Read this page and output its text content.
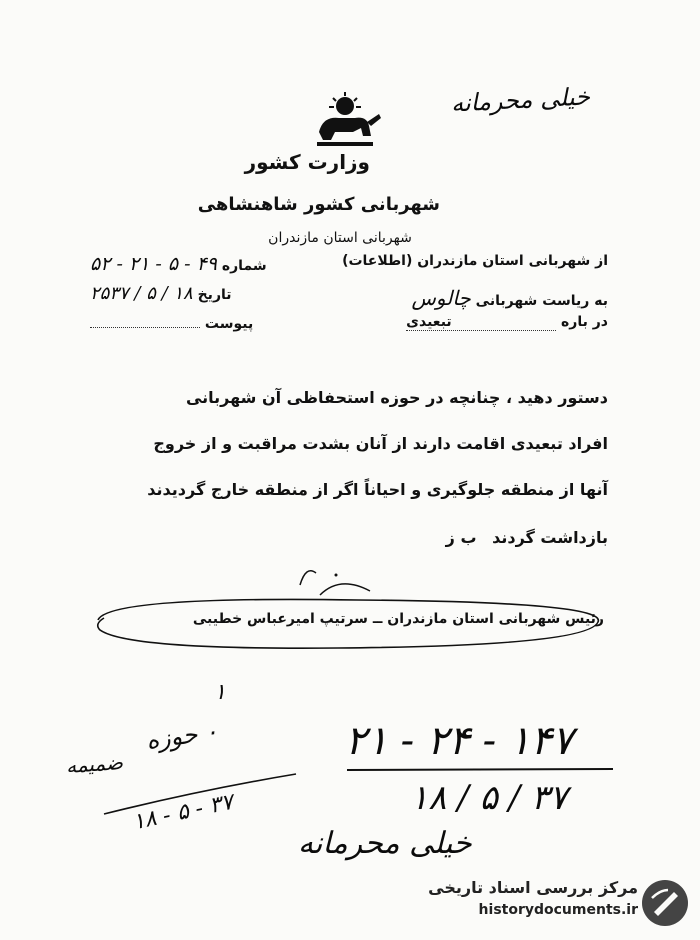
خیلی محرمانه
وزارت کشور
شهربانی کشور شاهنشاهی
شهربانی استان مازندران
از شهربانی استان مازندران (اطلاعات)
به ریاست شهربانی چالوس
در باره تبعیدی
شماره ۴۹ - ۵ - ۲۱ - ۵۲
تاریخ ۱۸ / ۵ / ۲۵۳۷
پیوست
دستور دهید ، چنانچه در حوزه استحفاظی آن شهربانی
افراد تبعیدی اقامت دارند از آنان بشدت مراقبت و از خروج
آنها از منطقه جلوگیری و احیاناً اگر از منطقه خارج گردیدند
بازداشت گردند ب ز
رئیس شهربانی استان مازندران ــ سرتیپ امیرعباس خطیبی
۱
۰ حوزه
ضمیمه
۱۸ - ۵ - ۳۷
۲۱ - ۲۴ - ۱۴۷
۱۸ / ۵ / ۳۷
خیلی محرمانه
مرکز بررسی اسناد تاریخی
historydocuments.ir
